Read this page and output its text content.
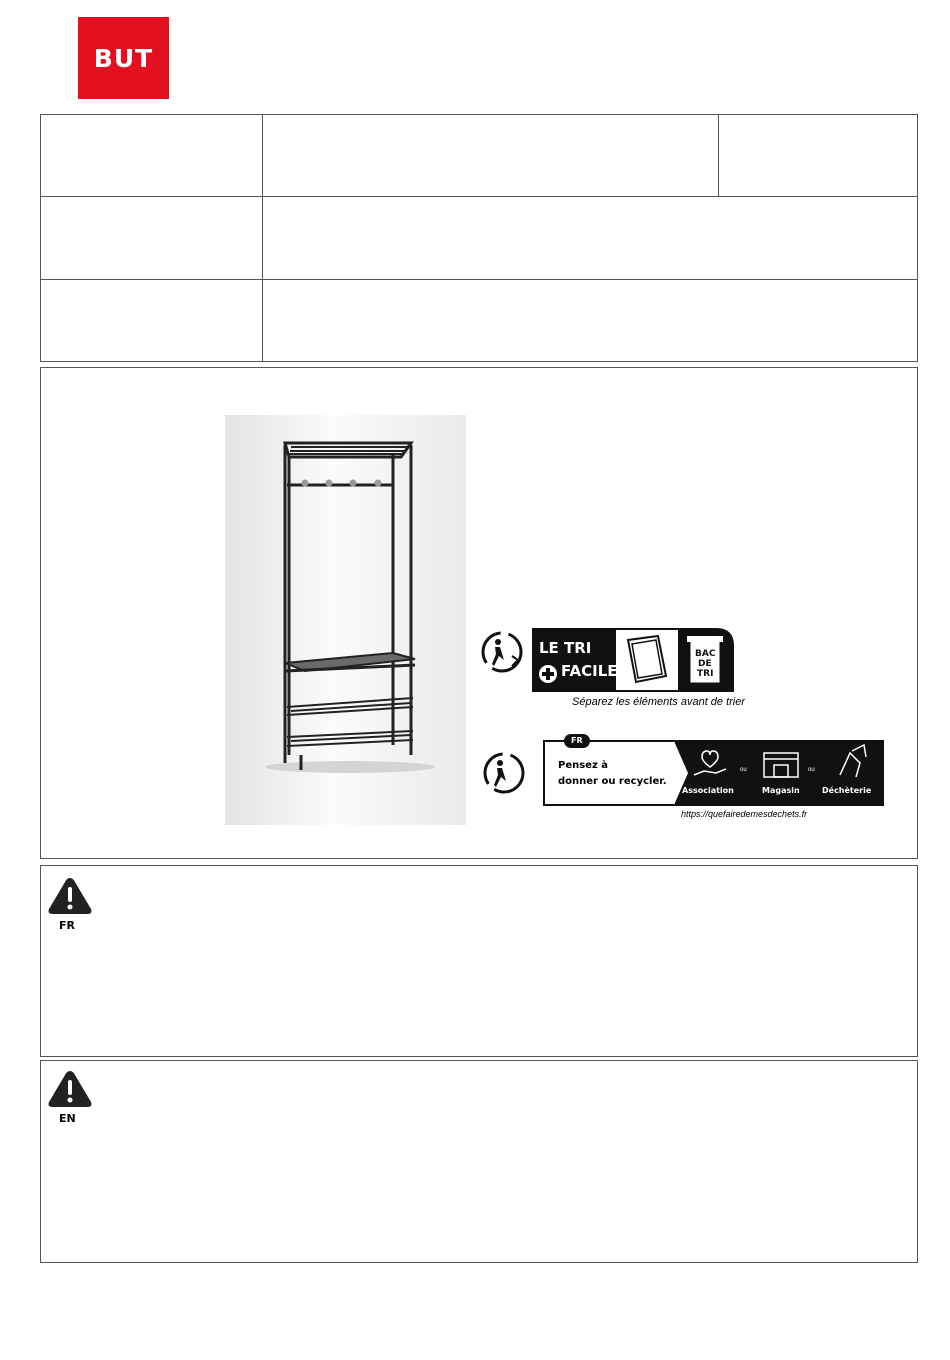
BUT
LE TRI
FACILE
BAC
DE
TRI
Séparez les éléments avant de trier
FR
Pensez à
donner ou recycler.
Association
ou
Magasin
ou
Déchèterie
https://quefairedemesdechets.fr
FR
EN
